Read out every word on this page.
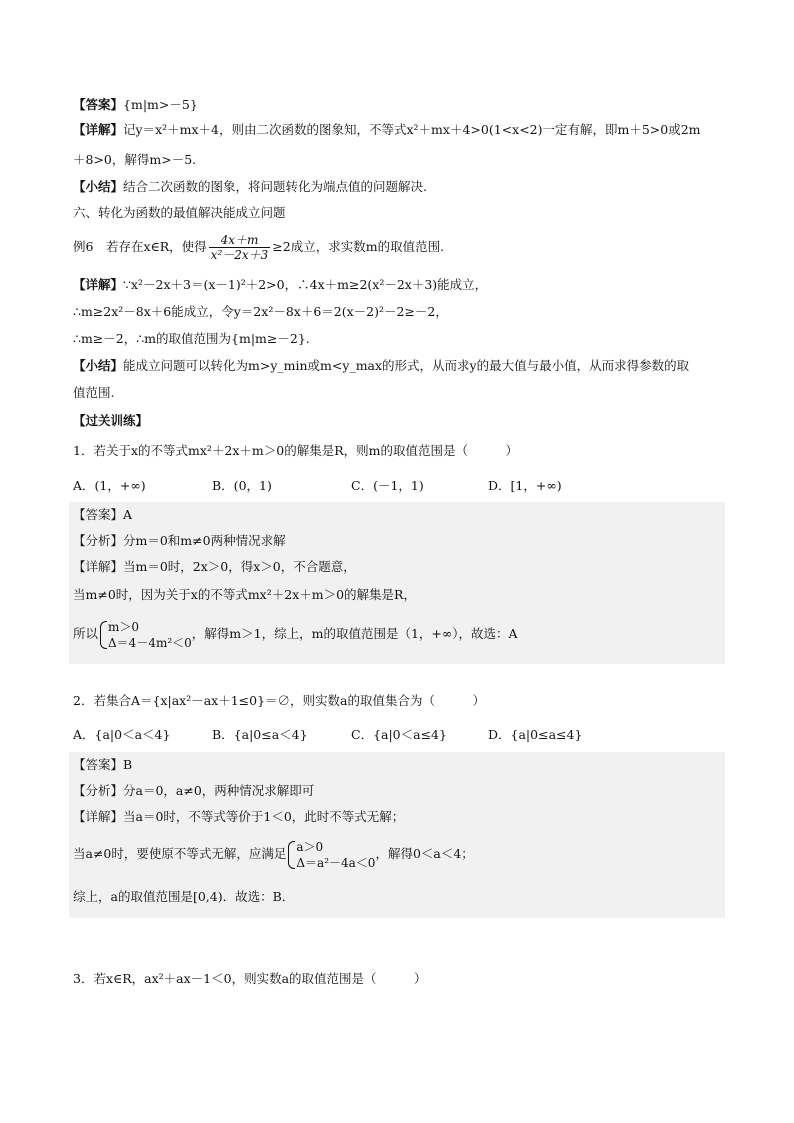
【答案】{m|m>－5}
【详解】记y＝x²＋mx＋4，则由二次函数的图象知，不等式x²＋mx＋4>0(1<x<2)一定有解，即m＋5>0或2m
＋8>0，解得m>－5.
【小结】结合二次函数的图象，将问题转化为端点值的问题解决.
六、转化为函数的最值解决能成立问题
例6　若存在x∈R，使得 $\frac{4x+m}{\text{x²－2x＋3}} \ge 2$成立，求实数m的取值范围.
【详解】∵x²－2x＋3＝(x－1)²＋2>0，∴4x＋m≥2(x²－2x＋3)能成立，
∴m≥2x²－8x＋6能成立，令y＝2x²－8x＋6＝2(x－2)²－2≥－2，
∴m≥－2，∴m的取值范围为{m|m≥－2}.
【小结】能成立问题可以转化为m>y_min或m<y_max的形式，从而求y的最大值与最小值，从而求得参数的取
值范围.
【过关训练】
1．若关于x的不等式mx²＋2x＋m＞0的解集是R，则m的取值范围是（　　　）
A．(1，+∞)	B．(0，1)	C．(－1，1)	D．[1，+∞)
【答案】A
【分析】分m＝0和m≠0两种情况求解
【详解】当m＝0时，2x＞0，得x＞0，不合题意，
当m≠0时，因为关于x的不等式mx²＋2x＋m＞0的解集是R，
所以 m＞0
Δ＝4－4m²＜0
，解得m＞1，综上，m的取值范围是（1，+∞），故选：A
2．若集合A＝{x|ax²－ax＋1≤0}＝∅，则实数a的取值集合为（　　　）
A．{a|0＜a＜4}	B．{a|0≤a＜4}	C．{a|0＜a≤4}	D．{a|0≤a≤4}
【答案】B
【分析】分a＝0，a≠0，两种情况求解即可
【详解】当a＝0时，不等式等价于1＜0，此时不等式无解；
当a≠0时，要使原不等式无解，应满足 a＞0
Δ＝a²－4a＜0
，解得0＜a＜4；
综上，a的取值范围是[0,4)．故选：B．
3．若x∈R，ax²＋ax－1＜0，则实数a的取值范围是（　　　）
